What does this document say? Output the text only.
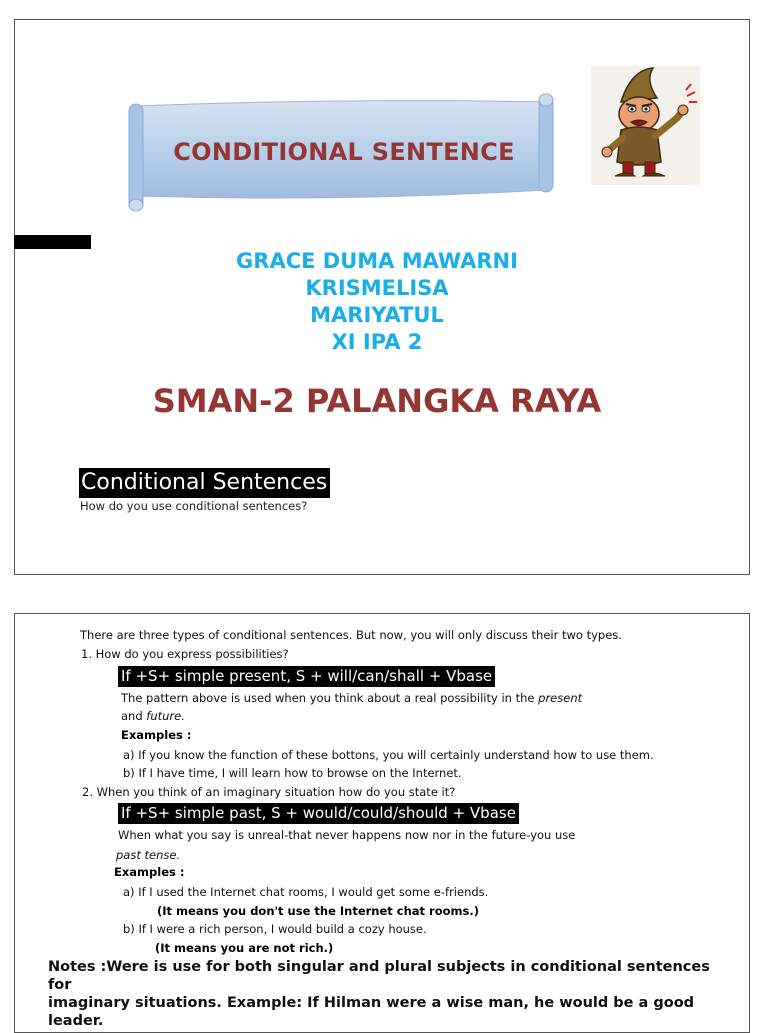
CONDITIONAL SENTENCE
GRACE DUMA MAWARNI
KRISMELISA
MARIYATUL
XI IPA 2
SMAN-2 PALANGKA RAYA
Conditional Sentences
How do you use conditional sentences?
There are three types of conditional sentences. But now, you will only discuss their two types.
1. How do you express possibilities?
If +S+ simple present, S + will/can/shall + Vbase
The pattern above is used when you think about a real possibility in the present
and future.
Examples :
a) If you know the function of these bottons, you will certainly understand how to use them.
b) If I have time, I will learn how to browse on the Internet.
2. When you think of an imaginary situation how do you state it?
If +S+ simple past, S + would/could/should + Vbase
When what you say is unreal-that never happens now nor in the future-you use
past tense.
Examples :
a) If I used the Internet chat rooms, I would get some e-friends.
(It means you don't use the Internet chat rooms.)
b) If I were a rich person, I would build a cozy house.
(It means you are not rich.)
Notes :Were is use for both singular and plural subjects in conditional sentences for
imaginary situations. Example: If Hilman were a wise man, he would be a good leader.
